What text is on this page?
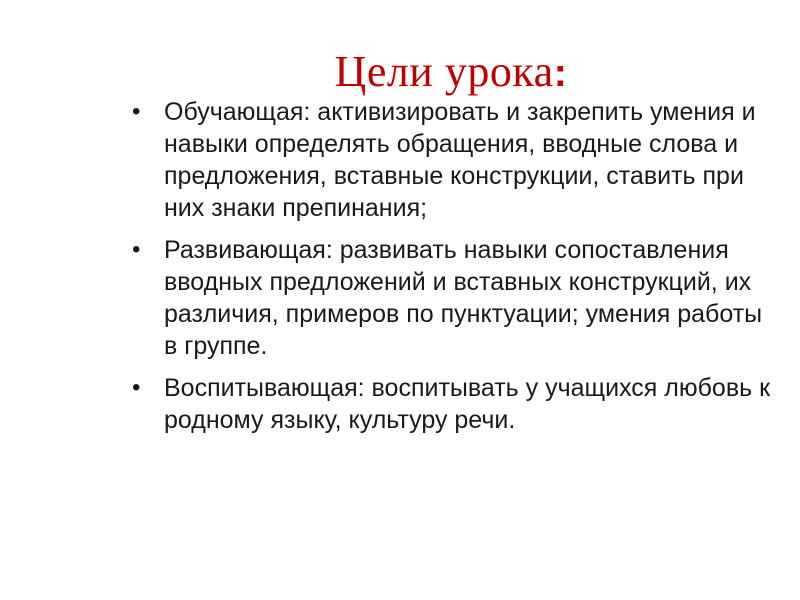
Цели урока:
• Обучающая: активизировать и закрепить умения и навыки определять обращения, вводные слова и предложения, вставные конструкции, ставить при них знаки препинания;
• Развивающая: развивать навыки сопоставления вводных предложений и вставных конструкций, их различия, примеров по пунктуации; умения работы в группе.
• Воспитывающая: воспитывать у учащихся любовь к родному языку, культуру речи.
